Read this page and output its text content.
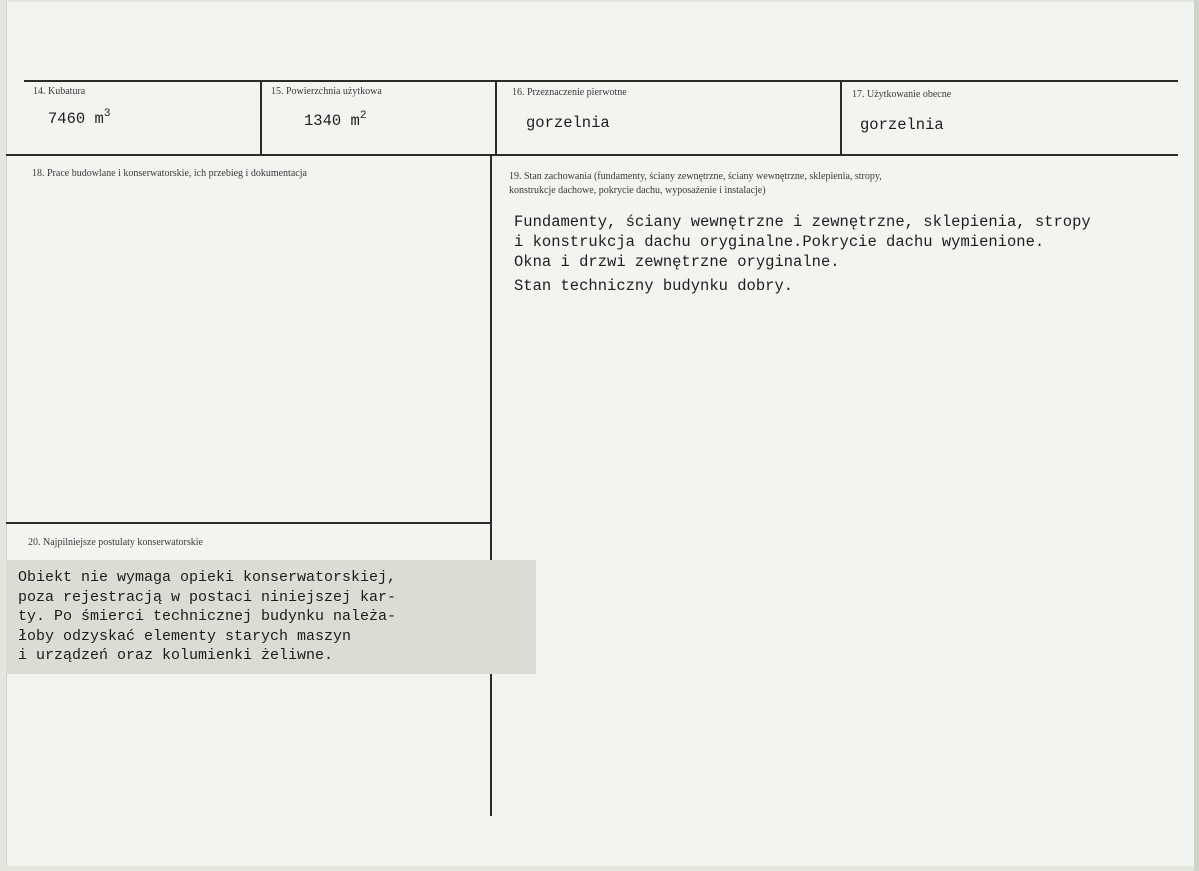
14. Kubatura
7460 $m^3$
15. Powierzchnia użytkowa
1340 $m^2$
16. Przeznaczenie pierwotne
gorzelnia
17. Użytkowanie obecne
gorzelnia
18. Prace budowlane i konserwatorskie, ich przebieg i dokumentacja	19. Stan zachowania (fundamenty, ściany zewnętrzne, ściany wewnętrzne, sklepienia, stropy,
konstrukcje dachowe, pokrycie dachu, wyposażenie i instalacje)
Fundamenty, ściany wewnętrzne i zewnętrzne, sklepienia, stropy
i konstrukcja dachu oryginalne.Pokrycie dachu wymienione.
Okna i drzwi zewnętrzne oryginalne.
Stan techniczny budynku dobry.
20. Najpilniejsze postulaty konserwatorskie
Obiekt nie wymaga opieki konserwatorskiej,
poza rejestracją w postaci niniejszej kar-
ty. Po śmierci technicznej budynku należa-
łoby odzyskać elementy starych maszyn
i urządzeń oraz kolumienki żeliwne.
